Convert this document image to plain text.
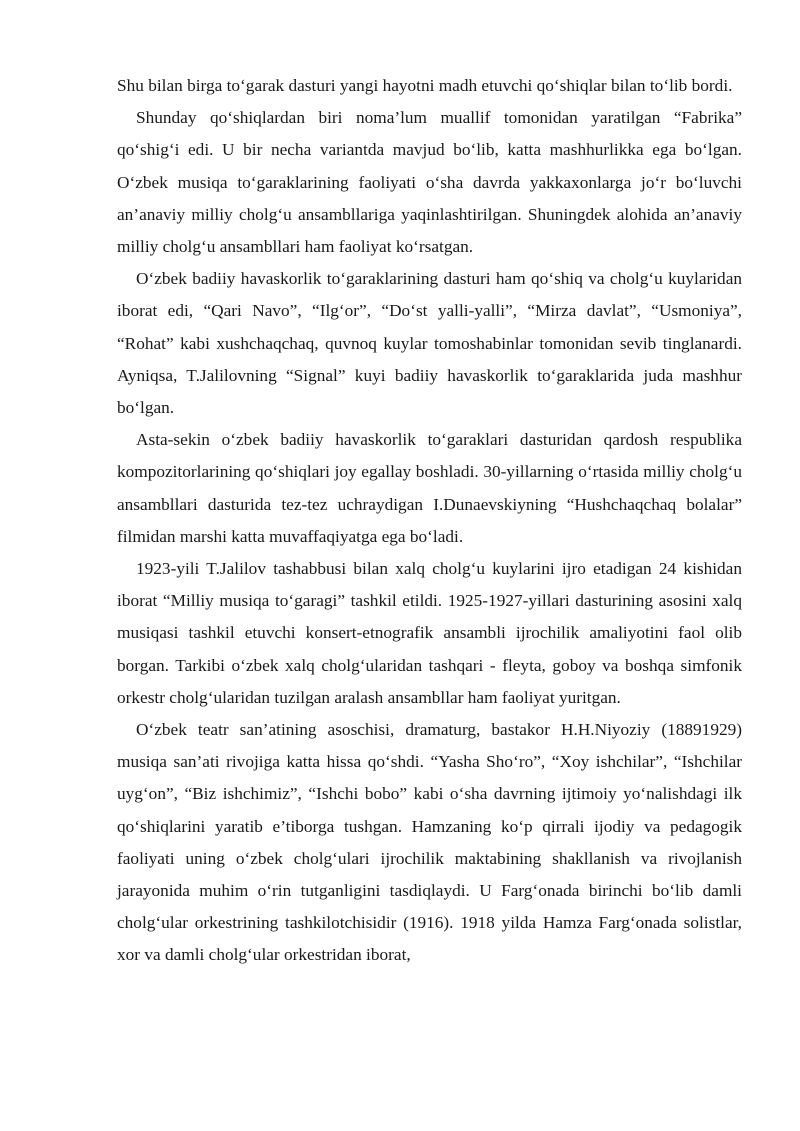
Shu bilan birga to‘garak dasturi yangi hayotni madh etuvchi qo‘shiqlar bilan to‘lib bordi.

Shunday qo‘shiqlardan biri noma’lum muallif tomonidan yaratilgan “Fabrika” qo‘shig‘i edi. U bir necha variantda mavjud bo‘lib, katta mashhurlikka ega bo‘lgan. O‘zbek musiqa to‘garaklarining faoliyati o‘sha davrda yakkaxonlarga jo‘r bo‘luvchi an’anaviy milliy cholg‘u ansambllariga yaqinlashtirilgan. Shuningdek alohida an’anaviy milliy cholg‘u ansambllari ham faoliyat ko‘rsatgan.

O‘zbek badiiy havaskorlik to‘garaklarining dasturi ham qo‘shiq va cholg‘u kuylaridan iborat edi, “Qari Navo”, “Ilg‘or”, “Do‘st yalli-yalli”, “Mirza davlat”, “Usmoniya”, “Rohat” kabi xushchaqchaq, quvnoq kuylar tomoshabinlar tomonidan sevib tinglanardi. Ayniqsa, T.Jalilovning “Signal” kuyi badiiy havaskorlik to‘garaklarida juda mashhur bo‘lgan.

Asta-sekin o‘zbek badiiy havaskorlik to‘garaklari dasturidan qardosh respublika kompozitorlarining qo‘shiqlari joy egallay boshladi. 30-yillarning o‘rtasida milliy cholg‘u ansambllari dasturida tez-tez uchraydigan I.Dunaevskiyning “Hushchaqchaq bolalar” filmidan marshi katta muvaffaqiyatga ega bo‘ladi.

1923-yili T.Jalilov tashabbusi bilan xalq cholg‘u kuylarini ijro etadigan 24 kishidan iborat “Milliy musiqa to‘garagi” tashkil etildi. 1925-1927-yillari dasturining asosini xalq musiqasi tashkil etuvchi konsert-etnografik ansambli ijrochilik amaliyotini faol olib borgan. Tarkibi o‘zbek xalq cholg‘ularidan tashqari - fleyta, goboy va boshqa simfonik orkestr cholg‘ularidan tuzilgan aralash ansambllar ham faoliyat yuritgan.

O‘zbek teatr san’atining asoschisi, dramaturg, bastakor H.H.Niyoziy (18891929) musiqa san’ati rivojiga katta hissa qo‘shdi. “Yasha Sho‘ro”, “Xoy ishchilar”, “Ishchilar uyg‘on”, “Biz ishchimiz”, “Ishchi bobo” kabi o‘sha davrning ijtimoiy yo‘nalishdagi ilk qo‘shiqlarini yaratib e’tiborga tushgan. Hamzaning ko‘p qirrali ijodiy va pedagogik faoliyati uning o‘zbek cholg‘ulari ijrochilik maktabining shakllanish va rivojlanish jarayonida muhim o‘rin tutganligini tasdiqlaydi. U Farg‘onada birinchi bo‘lib damli cholg‘ular orkestrining tashkilotchisidir (1916). 1918 yilda Hamza Farg‘onada solistlar, xor va damli cholg‘ular orkestridan iborat,
